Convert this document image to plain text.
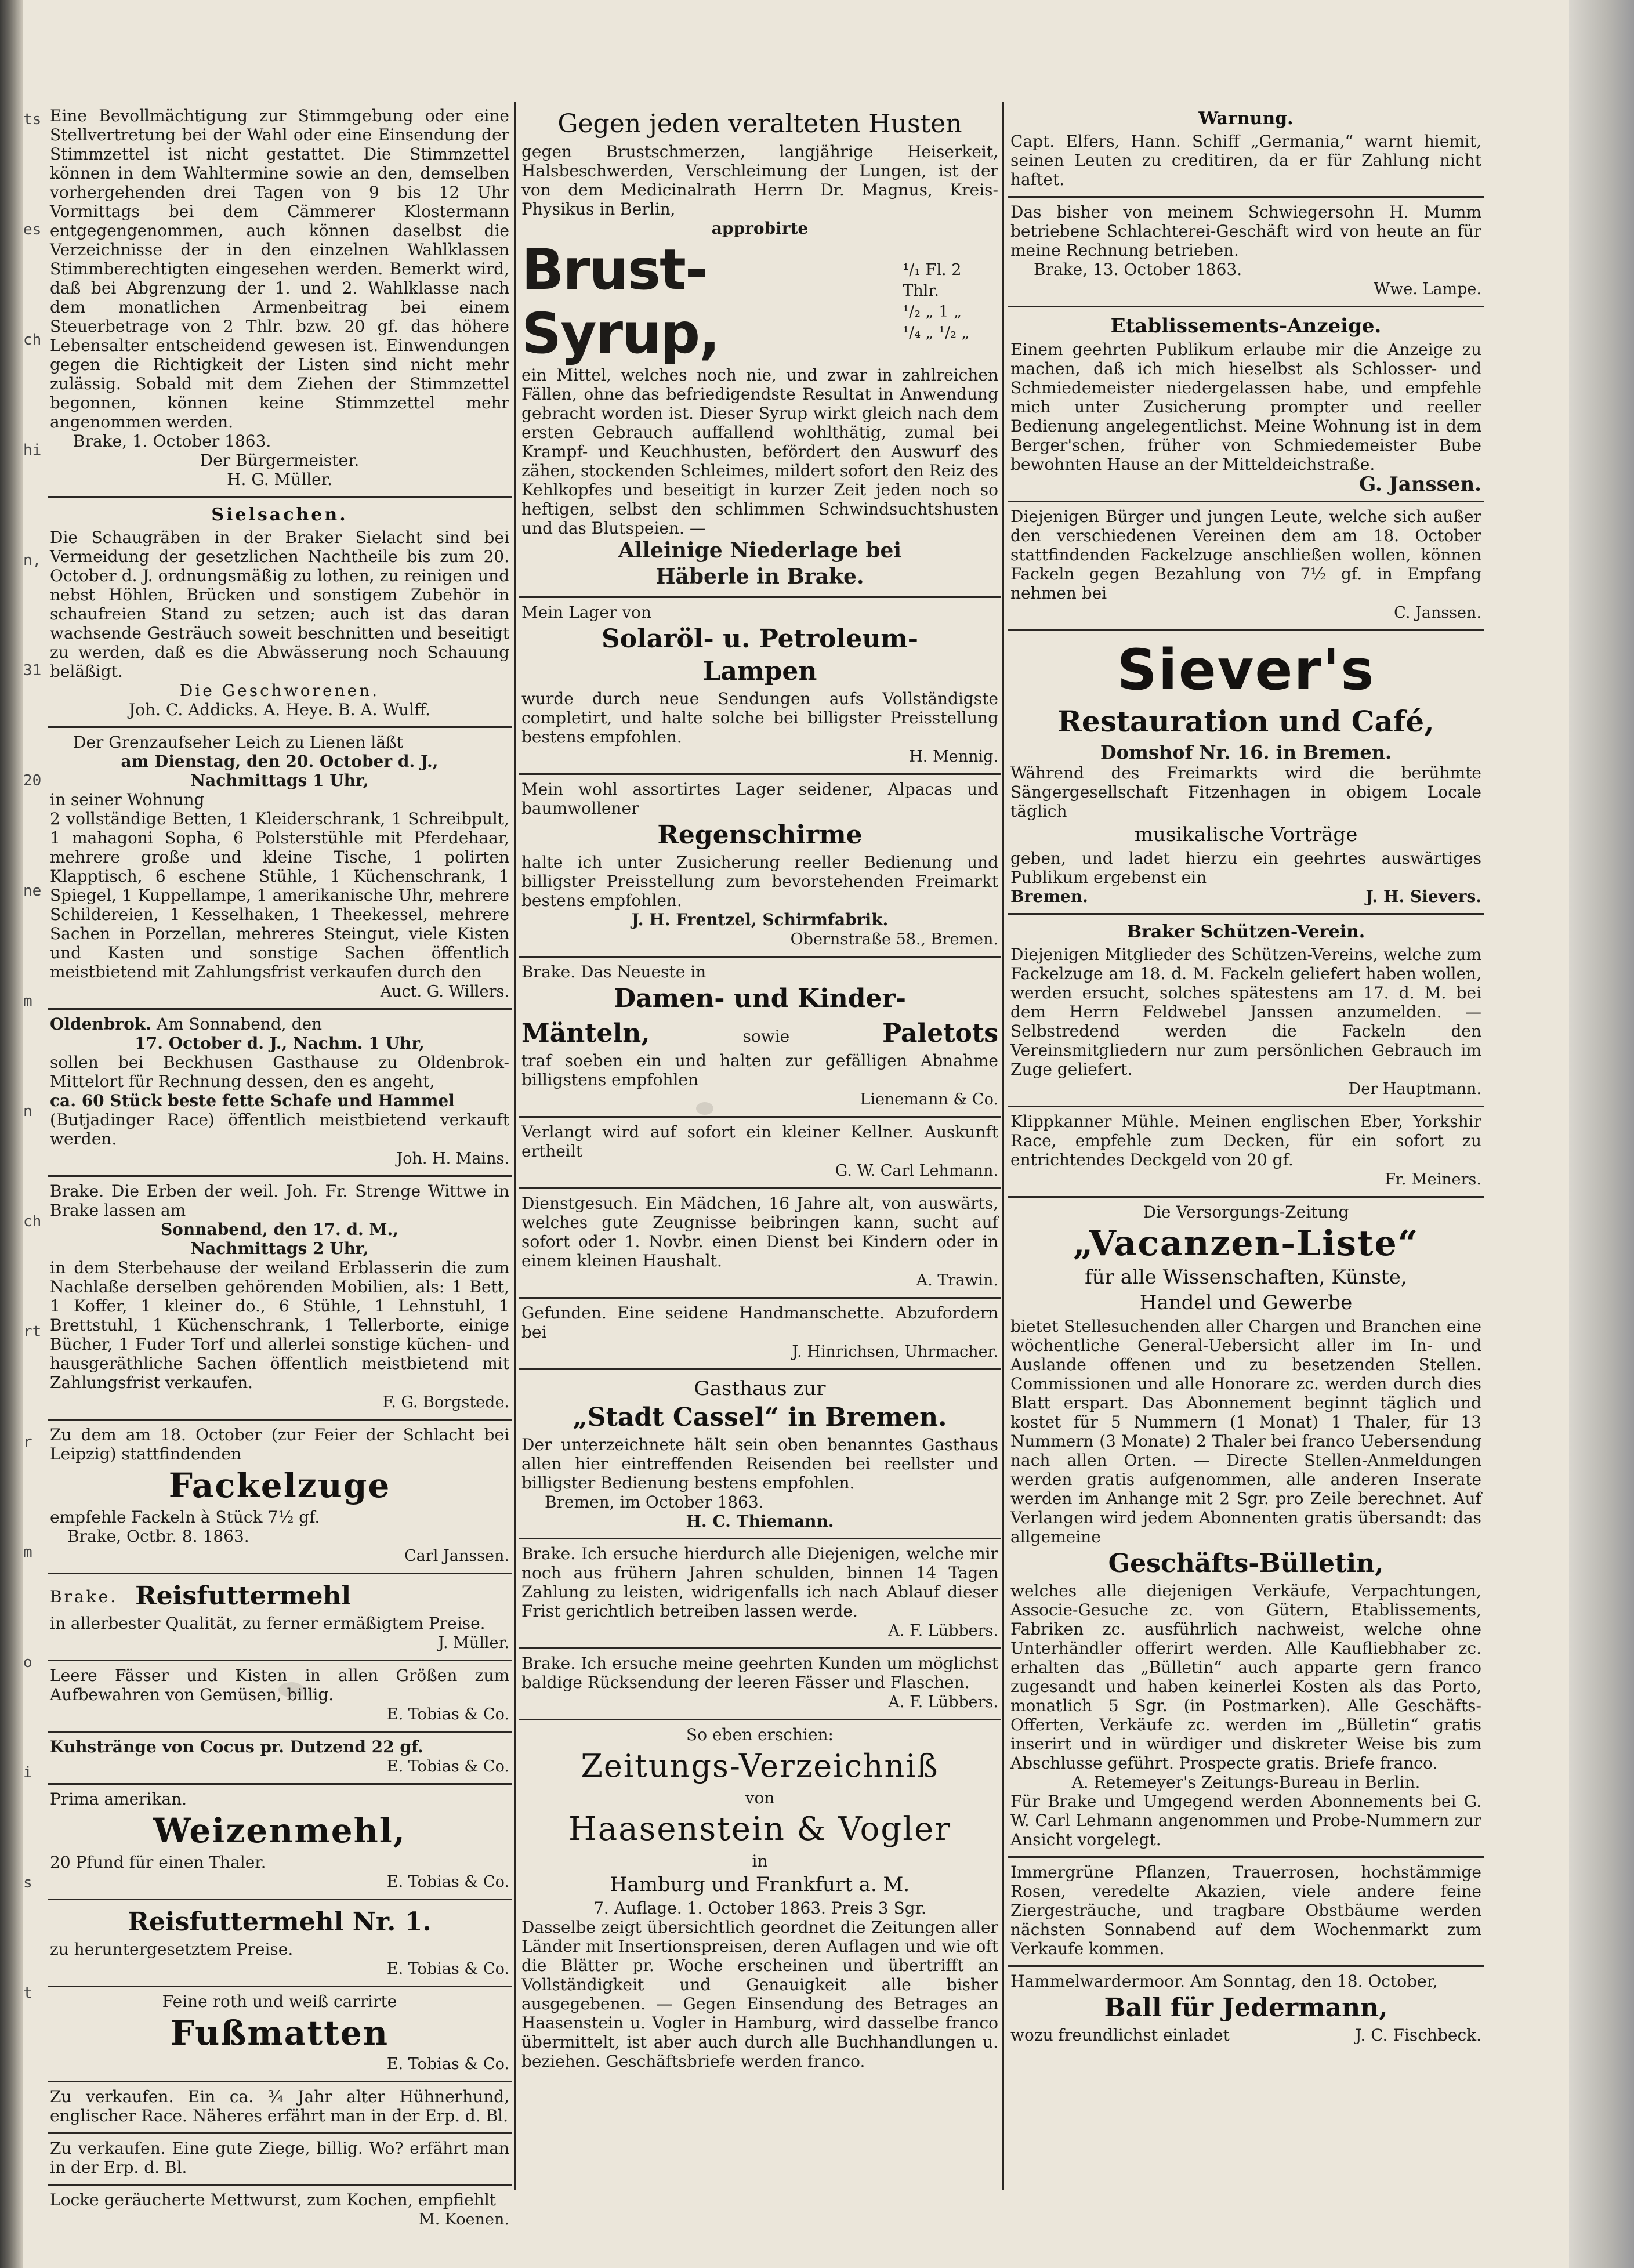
ts
es
ch
hi
n,
31
20
ne
m
n
ch
rt
r
m
o
i
s
t

Eine Bevollmächtigung zur Stimmgebung oder eine Stellvertretung bei der Wahl oder eine Einsendung der Stimmzettel ist nicht gestattet. Die Stimmzettel können in dem Wahltermine sowie an den, demselben vorhergehenden drei Tagen von 9 bis 12 Uhr Vormittags bei dem Cämmerer Klostermann entgegengenommen, auch können daselbst die Verzeichnisse der in den einzelnen Wahlklassen Stimmberechtigten eingesehen werden. Bemerkt wird, daß bei Abgrenzung der 1. und 2. Wahlklasse nach dem monatlichen Armenbeitrag bei einem Steuerbetrage von 2 Thlr. bzw. 20 gf. das höhere Lebensalter entscheidend gewesen ist. Einwendungen gegen die Richtigkeit der Listen sind nicht mehr zulässig. Sobald mit dem Ziehen der Stimmzettel begonnen, können keine Stimmzettel mehr angenommen werden.

Brake, 1. October 1863.

Der Bürgermeister.

H. G. Müller.

Sielsachen.

Die Schaugräben in der Braker Sielacht sind bei Vermeidung der gesetzlichen Nachtheile bis zum 20. October d. J. ordnungsmäßig zu lothen, zu reinigen und nebst Höhlen, Brücken und sonstigem Zubehör in schaufreien Stand zu setzen; auch ist das daran wachsende Gesträuch soweit beschnitten und beseitigt zu werden, daß es die Abwässerung noch Schauung beläßigt.

Die Geschworenen.

Joh. C. Addicks. A. Heye. B. A. Wulff.

Der Grenzaufseher Leich zu Lienen läßt

am Dienstag, den 20. October d. J.,

Nachmittags 1 Uhr,

in seiner Wohnung

2 vollständige Betten, 1 Kleiderschrank, 1 Schreibpult, 1 mahagoni Sopha, 6 Polsterstühle mit Pferdehaar, mehrere große und kleine Tische, 1 polirten Klapptisch, 6 eschene Stühle, 1 Küchenschrank, 1 Spiegel, 1 Kuppellampe, 1 amerikanische Uhr, mehrere Schildereien, 1 Kesselhaken, 1 Theekessel, mehrere Sachen in Porzellan, mehreres Steingut, viele Kisten und Kasten und sonstige Sachen öffentlich meistbietend mit Zahlungsfrist verkaufen durch den

Auct. G. Willers.

Oldenbrok. Am Sonnabend, den

17. October d. J., Nachm. 1 Uhr,

sollen bei Beckhusen Gasthause zu Oldenbrok-Mittelort für Rechnung dessen, den es angeht,

ca. 60 Stück beste fette Schafe und Hammel

(Butjadinger Race) öffentlich meistbietend verkauft werden.

Joh. H. Mains.

Brake. Die Erben der weil. Joh. Fr. Strenge Wittwe in Brake lassen am

Sonnabend, den 17. d. M.,

Nachmittags 2 Uhr,

in dem Sterbehause der weiland Erblasserin die zum Nachlaße derselben gehörenden Mobilien, als: 1 Bett, 1 Koffer, 1 kleiner do., 6 Stühle, 1 Lehnstuhl, 1 Brettstuhl, 1 Küchenschrank, 1 Tellerborte, einige Bücher, 1 Fuder Torf und allerlei sonstige küchen- und hausgeräthliche Sachen öffentlich meistbietend mit Zahlungsfrist verkaufen.

F. G. Borgstede.

Zu dem am 18. October (zur Feier der Schlacht bei Leipzig) stattfindenden

Fackelzuge

empfehle Fackeln à Stück 7½ gf.

Brake, Octbr. 8. 1863.

Carl Janssen.

Brake. Reisfuttermehl

in allerbester Qualität, zu ferner ermäßigtem Preise.

J. Müller.

Leere Fässer und Kisten in allen Größen zum Aufbewahren von Gemüsen, billig.

E. Tobias & Co.

Kuhstränge von Cocus pr. Dutzend 22 gf.

E. Tobias & Co.

Prima amerikan.

Weizenmehl,

20 Pfund für einen Thaler.

E. Tobias & Co.

Reisfuttermehl Nr. 1.

zu heruntergesetztem Preise.

E. Tobias & Co.

Feine roth und weiß carrirte

Fußmatten

E. Tobias & Co.

Zu verkaufen. Ein ca. ¾ Jahr alter Hühnerhund, englischer Race. Näheres erfährt man in der Erp. d. Bl.

Zu verkaufen. Eine gute Ziege, billig. Wo? erfährt man in der Erp. d. Bl.

Locke geräucherte Mettwurst, zum Kochen, empfiehlt

M. Koenen.

Gegen jeden veralteten Husten

gegen Brustschmerzen, langjährige Heiserkeit, Halsbeschwerden, Verschleimung der Lungen, ist der von dem Medicinalrath Herrn Dr. Magnus, Kreis-Physikus in Berlin,

approbirte

Brust-Syrup,
¹/₁ Fl. 2 Thlr.
¹/₂ „ 1 „
¹/₄ „ ¹/₂ „

ein Mittel, welches noch nie, und zwar in zahlreichen Fällen, ohne das befriedigendste Resultat in Anwendung gebracht worden ist. Dieser Syrup wirkt gleich nach dem ersten Gebrauch auffallend wohlthätig, zumal bei Krampf- und Keuchhusten, befördert den Auswurf des zähen, stockenden Schleimes, mildert sofort den Reiz des Kehlkopfes und beseitigt in kurzer Zeit jeden noch so heftigen, selbst den schlimmen Schwindsuchtshusten und das Blutspeien. —

Alleinige Niederlage bei

Häberle in Brake.

Mein Lager von

Solaröl- u. Petroleum-
Lampen

wurde durch neue Sendungen aufs Vollständigste completirt, und halte solche bei billigster Preisstellung bestens empfohlen.

H. Mennig.

Mein wohl assortirtes Lager seidener, Alpacas und baumwollener

Regenschirme

halte ich unter Zusicherung reeller Bedienung und billigster Preisstellung zum bevorstehenden Freimarkt bestens empfohlen.

J. H. Frentzel, Schirmfabrik.

Obernstraße 58., Bremen.

Brake. Das Neueste in

Damen- und Kinder-
Mänteln,	sowie	Paletots

traf soeben ein und halten zur gefälligen Abnahme billigstens empfohlen

Lienemann & Co.

Verlangt wird auf sofort ein kleiner Kellner. Auskunft ertheilt

G. W. Carl Lehmann.

Dienstgesuch. Ein Mädchen, 16 Jahre alt, von auswärts, welches gute Zeugnisse beibringen kann, sucht auf sofort oder 1. Novbr. einen Dienst bei Kindern oder in einem kleinen Haushalt.

A. Trawin.

Gefunden. Eine seidene Handmanschette. Abzufordern bei

J. Hinrichsen, Uhrmacher.

Gasthaus zur
„Stadt Cassel“ in Bremen.

Der unterzeichnete hält sein oben benanntes Gasthaus allen hier eintreffenden Reisenden bei reellster und billigster Bedienung bestens empfohlen.

Bremen, im October 1863.

H. C. Thiemann.

Brake. Ich ersuche hierdurch alle Diejenigen, welche mir noch aus frühern Jahren schulden, binnen 14 Tagen Zahlung zu leisten, widrigenfalls ich nach Ablauf dieser Frist gerichtlich betreiben lassen werde.

A. F. Lübbers.

Brake. Ich ersuche meine geehrten Kunden um möglichst baldige Rücksendung der leeren Fässer und Flaschen.

A. F. Lübbers.

So eben erschien:

Zeitungs-Verzeichniß

von

Haasenstein & Vogler

in

Hamburg und Frankfurt a. M.

7. Auflage. 1. October 1863. Preis 3 Sgr.

Dasselbe zeigt übersichtlich geordnet die Zeitungen aller Länder mit Insertionspreisen, deren Auflagen und wie oft die Blätter pr. Woche erscheinen und übertrifft an Vollständigkeit und Genauigkeit alle bisher ausgegebenen. — Gegen Einsendung des Betrages an Haasenstein u. Vogler in Hamburg, wird dasselbe franco übermittelt, ist aber auch durch alle Buchhandlungen u. beziehen. Geschäftsbriefe werden franco.

Warnung.

Capt. Elfers, Hann. Schiff „Germania,“ warnt hiemit, seinen Leuten zu creditiren, da er für Zahlung nicht haftet.

Das bisher von meinem Schwiegersohn H. Mumm betriebene Schlachterei-Geschäft wird von heute an für meine Rechnung betrieben.

Brake, 13. October 1863.

Wwe. Lampe.

Etablissements-Anzeige.

Einem geehrten Publikum erlaube mir die Anzeige zu machen, daß ich mich hieselbst als Schlosser- und Schmiedemeister niedergelassen habe, und empfehle mich unter Zusicherung prompter und reeller Bedienung angelegentlichst. Meine Wohnung ist in dem Berger'schen, früher von Schmiedemeister Bube bewohnten Hause an der Mitteldeichstraße.

G. Janssen.

Diejenigen Bürger und jungen Leute, welche sich außer den verschiedenen Vereinen dem am 18. October stattfindenden Fackelzuge anschließen wollen, können Fackeln gegen Bezahlung von 7½ gf. in Empfang nehmen bei

C. Janssen.

Siever's
Restauration und Café,

Domshof Nr. 16. in Bremen.

Während des Freimarkts wird die berühmte Sängergesellschaft Fitzenhagen in obigem Locale täglich

musikalische Vorträge

geben, und ladet hierzu ein geehrtes auswärtiges Publikum ergebenst ein

Bremen.	J. H. Sievers.
Braker Schützen-Verein.

Diejenigen Mitglieder des Schützen-Vereins, welche zum Fackelzuge am 18. d. M. Fackeln geliefert haben wollen, werden ersucht, solches spätestens am 17. d. M. bei dem Herrn Feldwebel Janssen anzumelden. — Selbstredend werden die Fackeln den Vereinsmitgliedern nur zum persönlichen Gebrauch im Zuge geliefert.

Der Hauptmann.

Klippkanner Mühle. Meinen englischen Eber, Yorkshir Race, empfehle zum Decken, für ein sofort zu entrichtendes Deckgeld von 20 gf.

Fr. Meiners.

Die Versorgungs-Zeitung

„Vacanzen-Liste“
für alle Wissenschaften, Künste,
Handel und Gewerbe

bietet Stellesuchenden aller Chargen und Branchen eine wöchentliche General-Uebersicht aller im In- und Auslande offenen und zu besetzenden Stellen. Commissionen und alle Honorare zc. werden durch dies Blatt erspart. Das Abonnement beginnt täglich und kostet für 5 Nummern (1 Monat) 1 Thaler, für 13 Nummern (3 Monate) 2 Thaler bei franco Uebersendung nach allen Orten. — Directe Stellen-Anmeldungen werden gratis aufgenommen, alle anderen Inserate werden im Anhange mit 2 Sgr. pro Zeile berechnet. Auf Verlangen wird jedem Abonnenten gratis übersandt: das allgemeine

Geschäfts-Bülletin,

welches alle diejenigen Verkäufe, Verpachtungen, Associe-Gesuche zc. von Gütern, Etablissements, Fabriken zc. ausführlich nachweist, welche ohne Unterhändler offerirt werden. Alle Kaufliebhaber zc. erhalten das „Bülletin“ auch apparte gern franco zugesandt und haben keinerlei Kosten als das Porto, monatlich 5 Sgr. (in Postmarken). Alle Geschäfts-Offerten, Verkäufe zc. werden im „Bülletin“ gratis inserirt und in würdiger und diskreter Weise bis zum Abschlusse geführt. Prospecte gratis. Briefe franco.

A. Retemeyer's Zeitungs-Bureau in Berlin.

Für Brake und Umgegend werden Abonnements bei G. W. Carl Lehmann angenommen und Probe-Nummern zur Ansicht vorgelegt.

Immergrüne Pflanzen, Trauerrosen, hochstämmige Rosen, veredelte Akazien, viele andere feine Ziergesträuche, und tragbare Obstbäume werden nächsten Sonnabend auf dem Wochenmarkt zum Verkaufe kommen.

Hammelwardermoor. Am Sonntag, den 18. October,

Ball für Jedermann,
wozu freundlichst einladet	J. C. Fischbeck.
